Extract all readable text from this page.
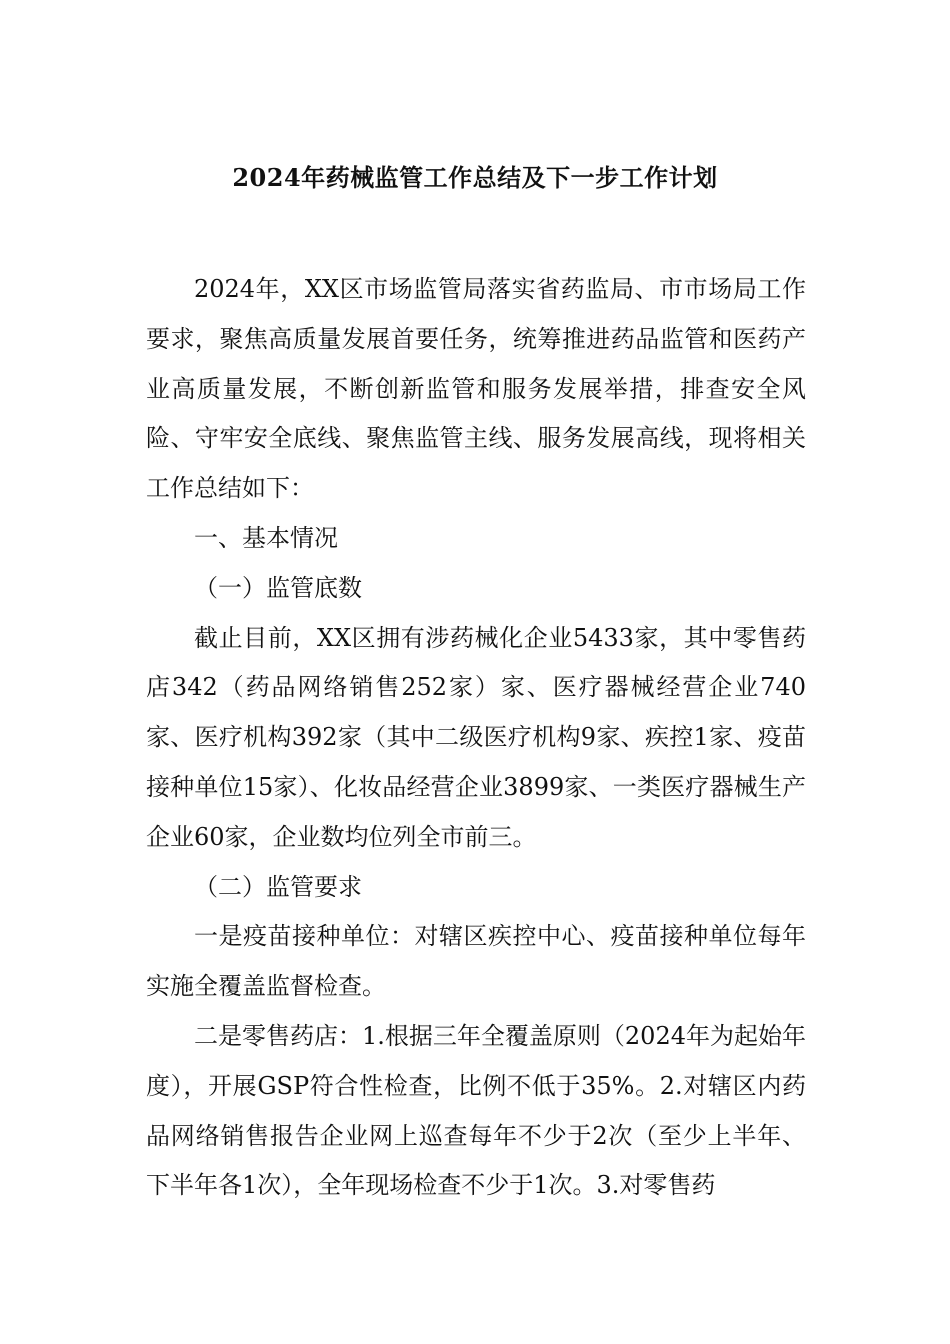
2024年药械监管工作总结及下一步工作计划

2024年，XX区市场监管局落实省药监局、市市场局工作要求，聚焦高质量发展首要任务，统筹推进药品监管和医药产业高质量发展，不断创新监管和服务发展举措，排查安全风险、守牢安全底线、聚焦监管主线、服务发展高线，现将相关工作总结如下：

一、基本情况

（一）监管底数

截止目前，XX区拥有涉药械化企业5433家，其中零售药店342（药品网络销售252家）家、医疗器械经营企业740家、医疗机构392家（其中二级医疗机构9家、疾控1家、疫苗接种单位15家）、化妆品经营企业3899家、一类医疗器械生产企业60家，企业数均位列全市前三。

（二）监管要求

一是疫苗接种单位：对辖区疾控中心、疫苗接种单位每年实施全覆盖监督检查。

二是零售药店：1.根据三年全覆盖原则（2024年为起始年度），开展GSP符合性检查，比例不低于35%。2.对辖区内药品网络销售报告企业网上巡查每年不少于2次（至少上半年、下半年各1次），全年现场检查不少于1次。3.对零售药
